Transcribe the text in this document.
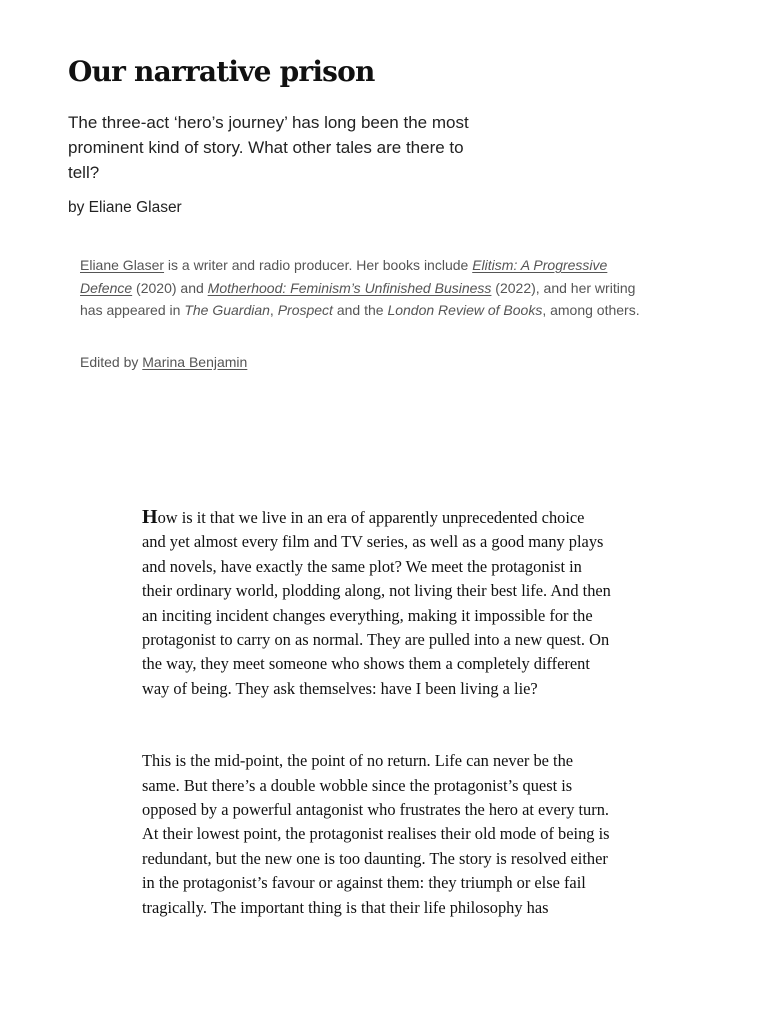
Our narrative prison

The three-act ‘hero’s journey’ has long been the most prominent kind of story. What other tales are there to tell?

by Eliane Glaser

Eliane Glaser is a writer and radio producer. Her books include Elitism: A Progressive Defence (2020) and Motherhood: Feminism’s Unfinished Business (2022), and her writing has appeared in The Guardian, Prospect and the London Review of Books, among others.
Edited by Marina Benjamin

How is it that we live in an era of apparently unprecedented choice and yet almost every film and TV series, as well as a good many plays and novels, have exactly the same plot? We meet the protagonist in their ordinary world, plodding along, not living their best life. And then an inciting incident changes everything, making it impossible for the protagonist to carry on as normal. They are pulled into a new quest. On the way, they meet someone who shows them a completely different way of being. They ask themselves: have I been living a lie?

This is the mid-point, the point of no return. Life can never be the same. But there’s a double wobble since the protagonist’s quest is opposed by a powerful antagonist who frustrates the hero at every turn. At their lowest point, the protagonist realises their old mode of being is redundant, but the new one is too daunting. The story is resolved either in the protagonist’s favour or against them: they triumph or else fail tragically. The important thing is that their life philosophy has
